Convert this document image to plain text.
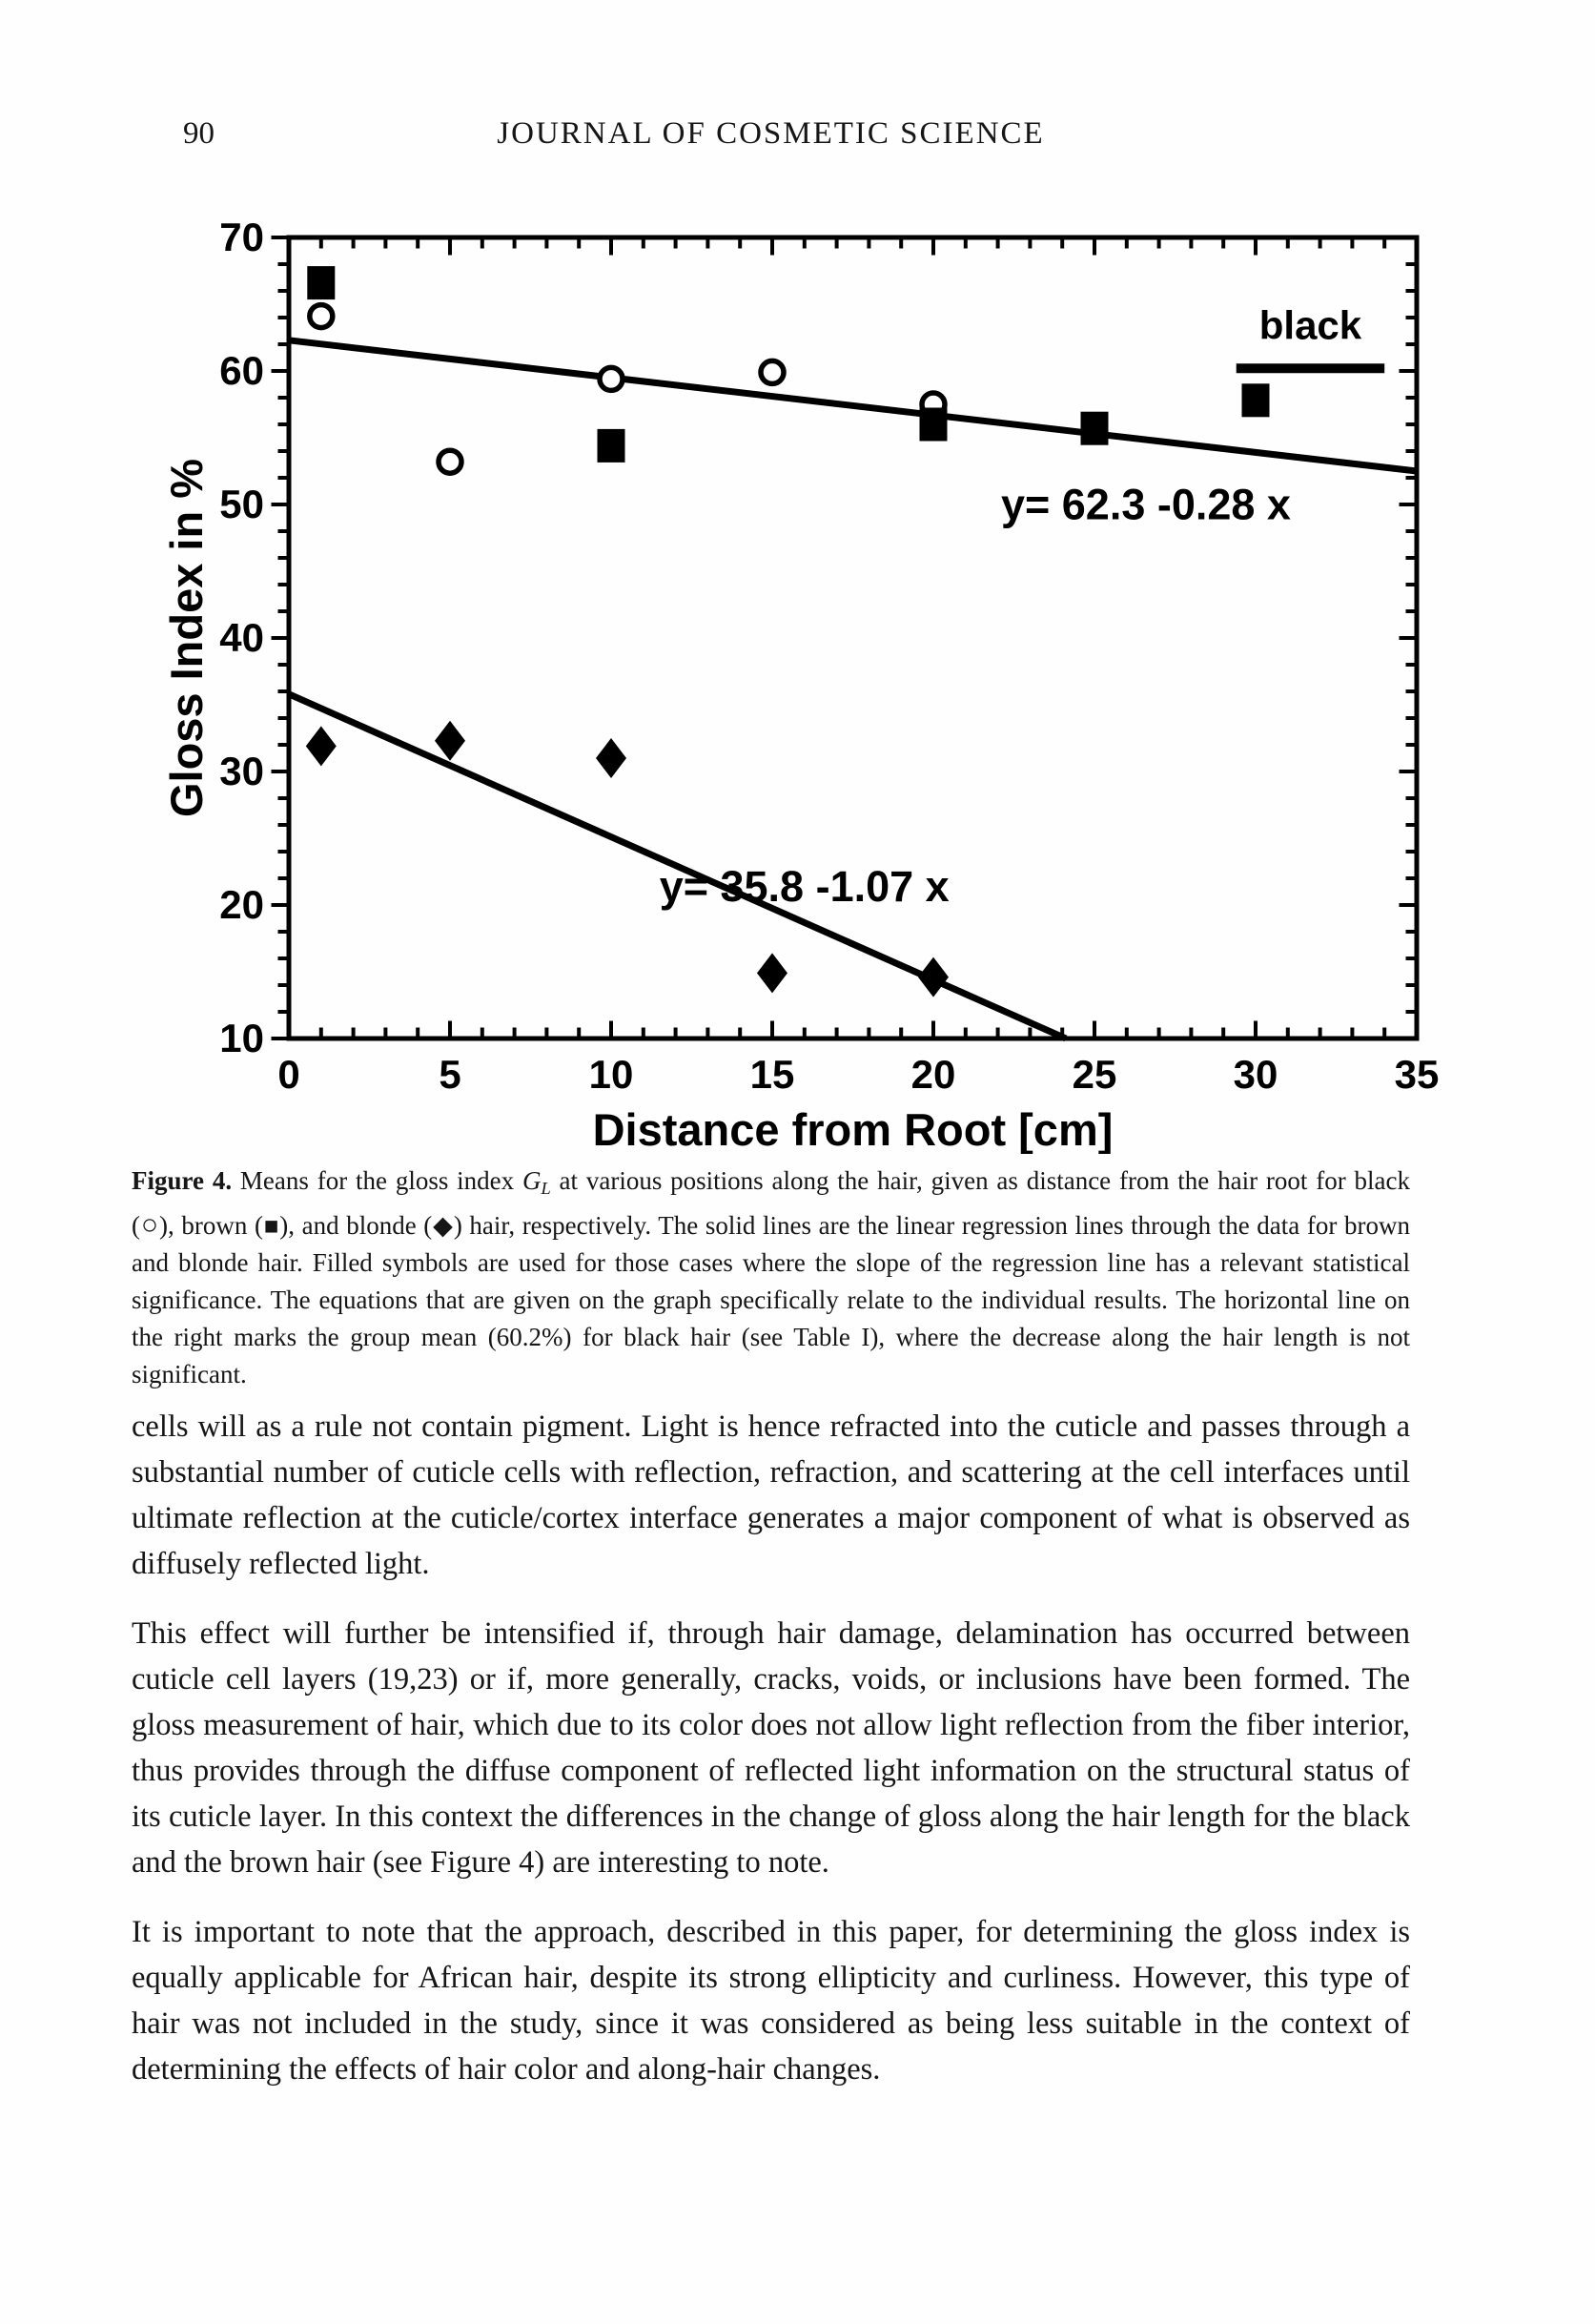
90	JOURNAL OF COSMETIC SCIENCE
0	5	10	15	20	25	30	35
10
20
30
40
50
60
70
Distance from Root [cm]
Gloss Index in %	y= 62.3 -0.28 x
y= 35.8 -1.07 x
black

Figure 4. Means for the gloss index GL at various positions along the hair, given as distance from the hair root for black (○), brown (■), and blonde (◆) hair, respectively. The solid lines are the linear regression lines through the data for brown and blonde hair. Filled symbols are used for those cases where the slope of the regression line has a relevant statistical significance. The equations that are given on the graph specifically relate to the individual results. The horizontal line on the right marks the group mean (60.2%) for black hair (see Table I), where the decrease along the hair length is not significant.

cells will as a rule not contain pigment. Light is hence refracted into the cuticle and passes through a substantial number of cuticle cells with reflection, refraction, and scattering at the cell interfaces until ultimate reflection at the cuticle/cortex interface generates a major component of what is observed as diffusely reflected light.

This effect will further be intensified if, through hair damage, delamination has occurred between cuticle cell layers (19,23) or if, more generally, cracks, voids, or inclusions have been formed. The gloss measurement of hair, which due to its color does not allow light reflection from the fiber interior, thus provides through the diffuse component of reflected light information on the structural status of its cuticle layer. In this context the differences in the change of gloss along the hair length for the black and the brown hair (see Figure 4) are interesting to note.

It is important to note that the approach, described in this paper, for determining the gloss index is equally applicable for African hair, despite its strong ellipticity and curliness. However, this type of hair was not included in the study, since it was considered as being less suitable in the context of determining the effects of hair color and along-hair changes.
